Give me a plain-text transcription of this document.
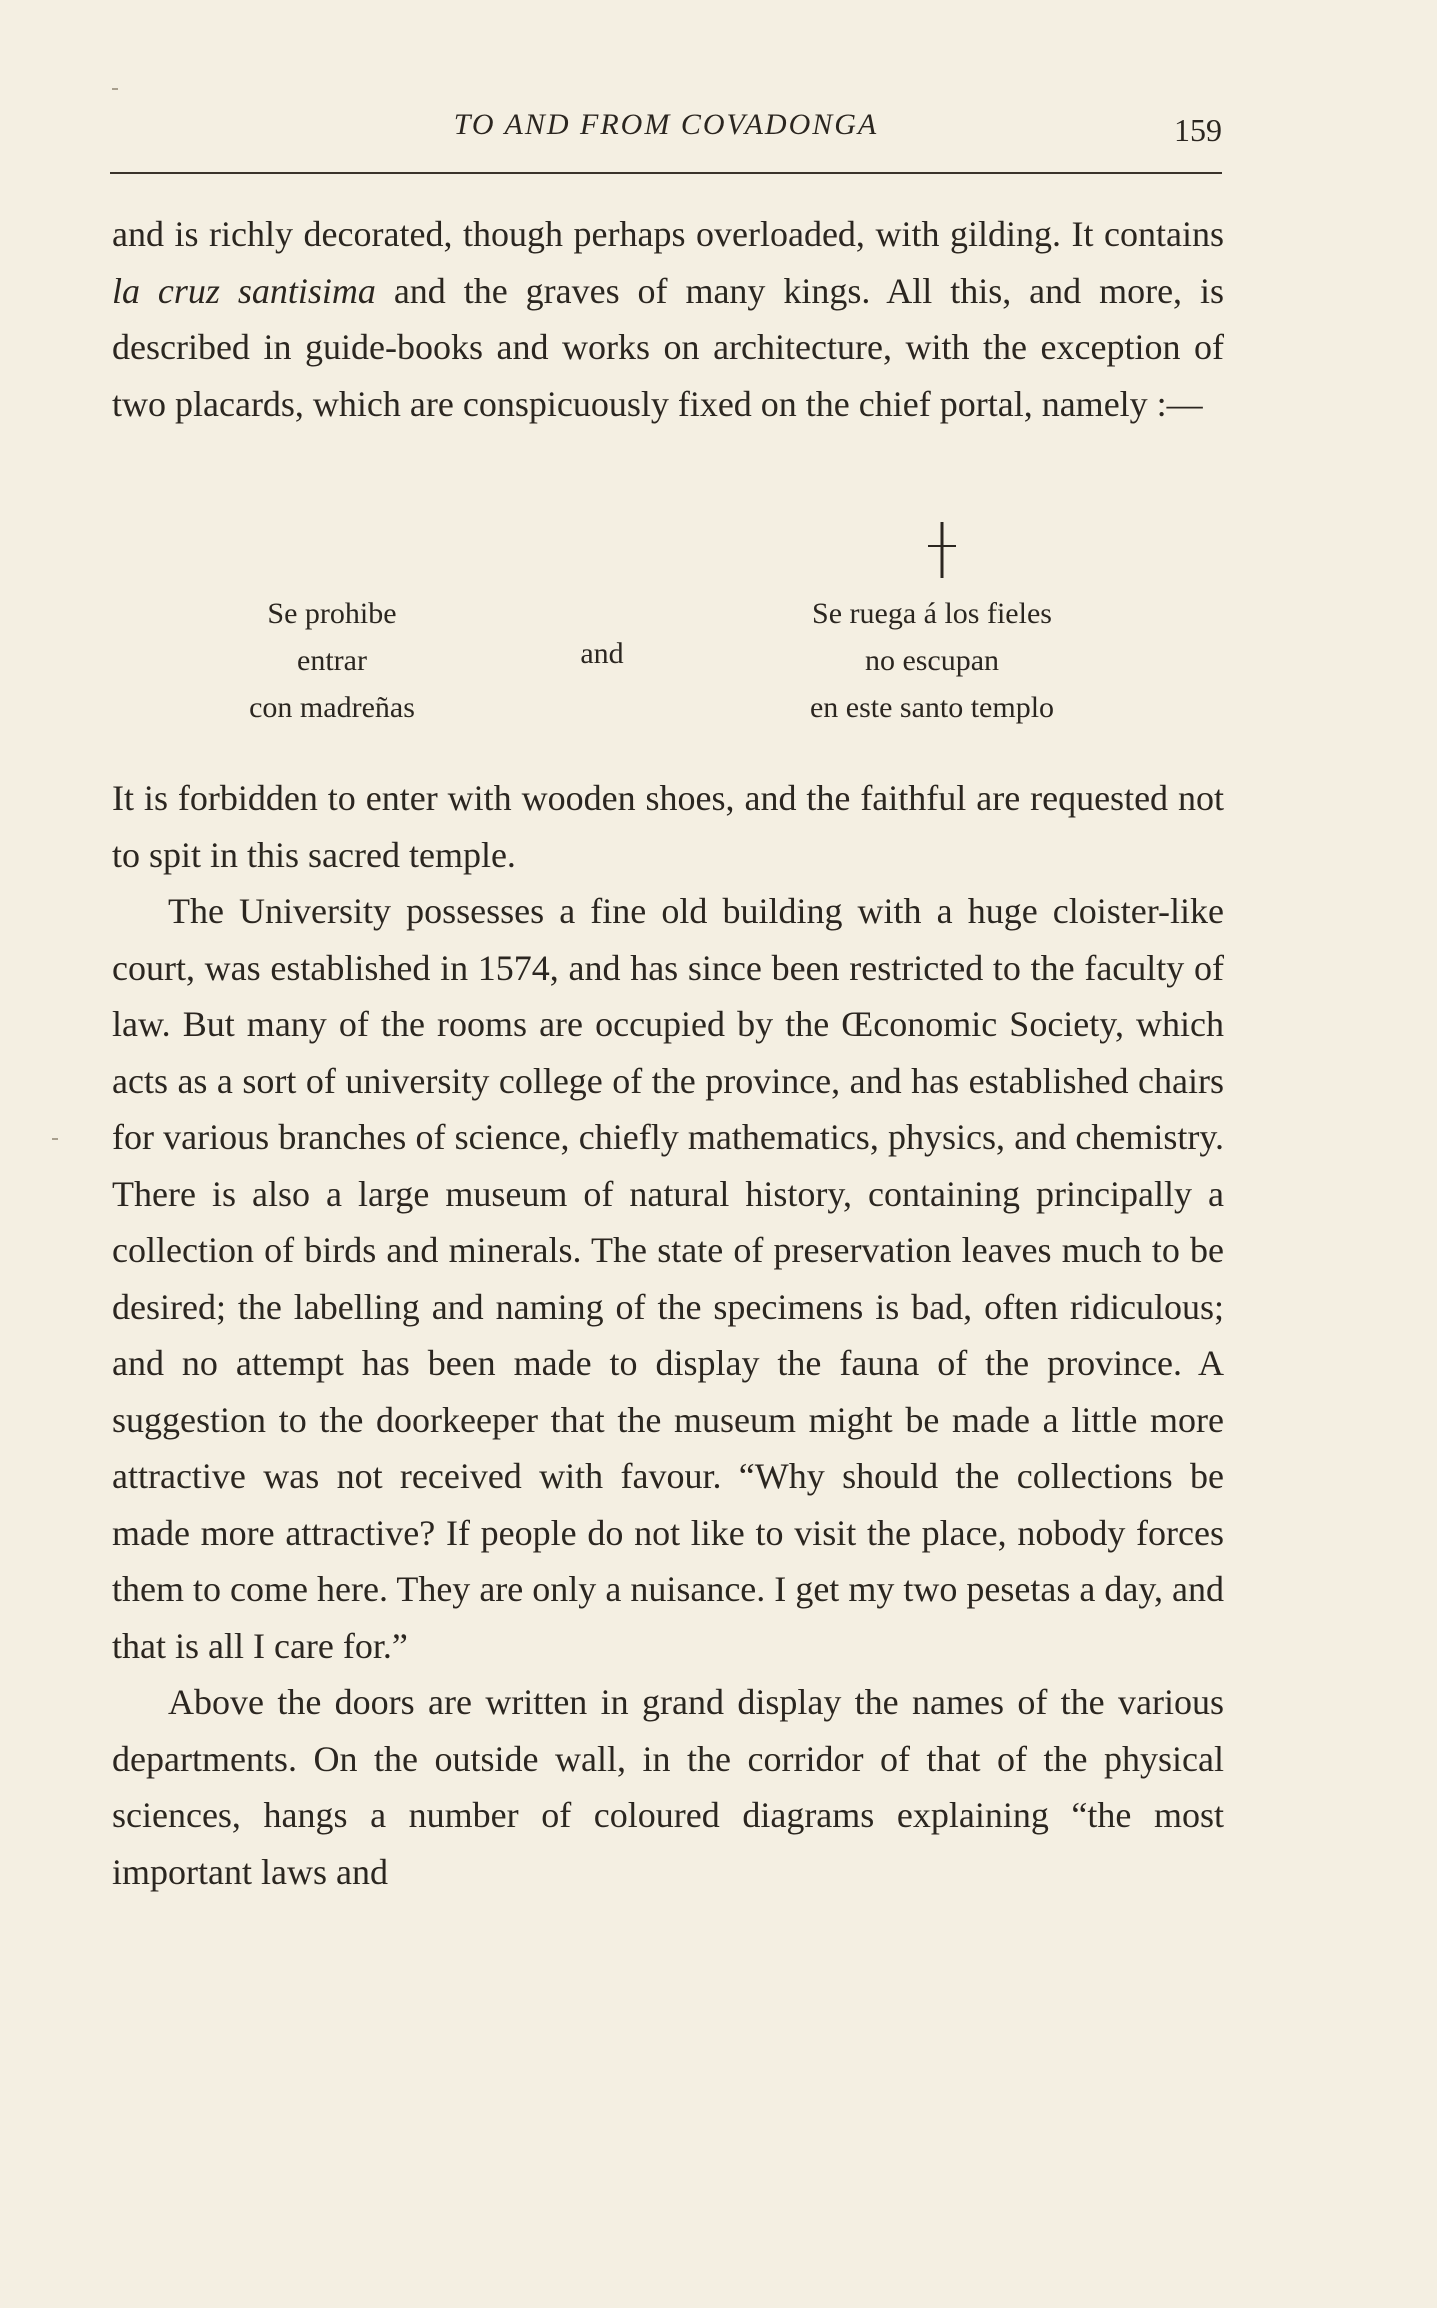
TO AND FROM COVADONGA	159

and is richly decorated, though perhaps overloaded, with gilding. It contains la cruz santisima and the graves of many kings. All this, and more, is described in guide-books and works on architecture, with the exception of two placards, which are conspicuously fixed on the chief portal, namely :—

Se prohibe
entrar
con madreñas
and
Se ruega á los fieles
no escupan
en este santo templo

It is forbidden to enter with wooden shoes, and the faithful are requested not to spit in this sacred temple.

The University possesses a fine old building with a huge cloister-like court, was established in 1574, and has since been restricted to the faculty of law. But many of the rooms are occupied by the Œconomic Society, which acts as a sort of university college of the province, and has established chairs for various branches of science, chiefly mathematics, physics, and chemistry. There is also a large museum of natural history, containing principally a collection of birds and minerals. The state of preservation leaves much to be desired; the labelling and naming of the specimens is bad, often ridiculous; and no attempt has been made to display the fauna of the province. A suggestion to the doorkeeper that the museum might be made a little more attractive was not received with favour. “Why should the collections be made more attractive? If people do not like to visit the place, nobody forces them to come here. They are only a nuisance. I get my two pesetas a day, and that is all I care for.”

Above the doors are written in grand display the names of the various departments. On the outside wall, in the corridor of that of the physical sciences, hangs a number of coloured diagrams explaining “the most important laws and
